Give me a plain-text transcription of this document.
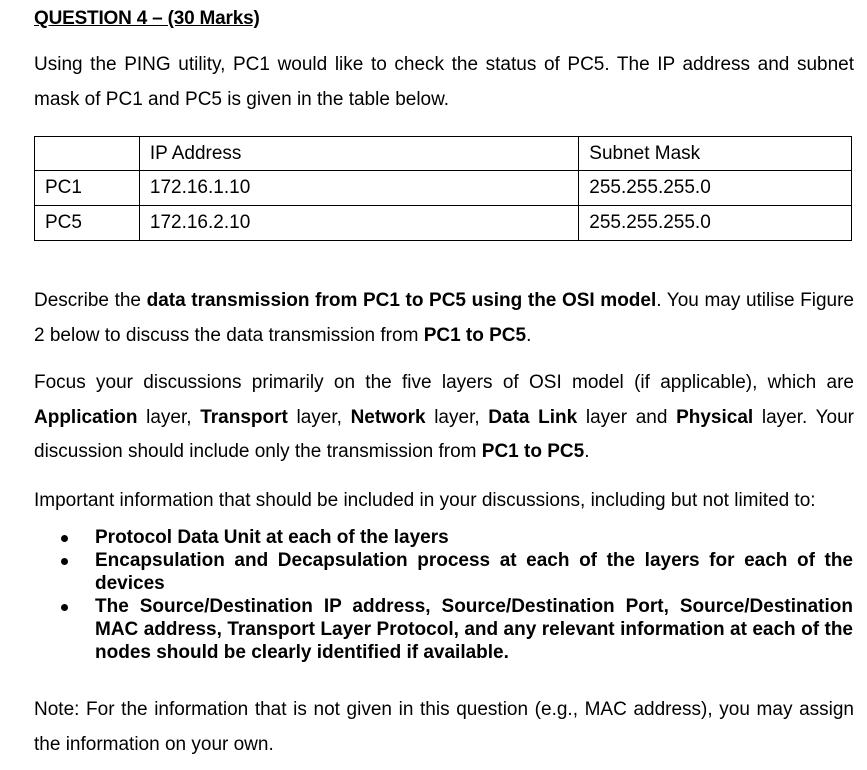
QUESTION 4 – (30 Marks)

Using the PING utility, PC1 would like to check the status of PC5. The IP address and subnet mask of PC1 and PC5 is given in the table below.

	IP Address	Subnet Mask
PC1	172.16.1.10	255.255.255.0
PC5	172.16.2.10	255.255.255.0

Describe the data transmission from PC1 to PC5 using the OSI model. You may utilise Figure 2 below to discuss the data transmission from PC1 to PC5.

Focus your discussions primarily on the five layers of OSI model (if applicable), which are Application layer, Transport layer, Network layer, Data Link layer and Physical layer. Your discussion should include only the transmission from PC1 to PC5.

Important information that should be included in your discussions, including but not limited to:

Protocol Data Unit at each of the layers
Encapsulation and Decapsulation process at each of the layers for each of the devices
The Source/Destination IP address, Source/Destination Port, Source/Destination MAC address, Transport Layer Protocol, and any relevant information at each of the nodes should be clearly identified if available.

Note: For the information that is not given in this question (e.g., MAC address), you may assign the information on your own.
